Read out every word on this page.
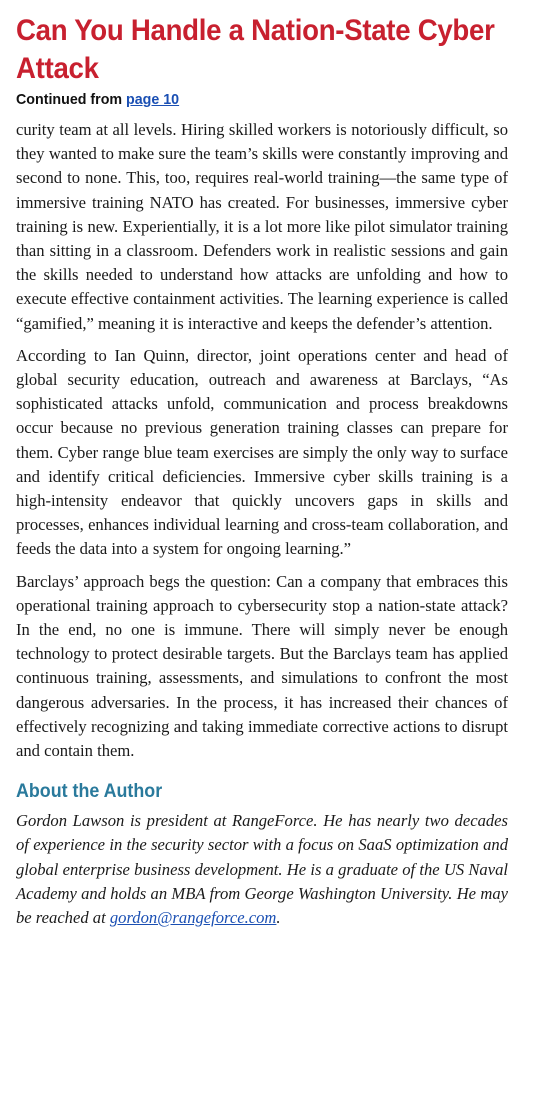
Can You Handle a Nation-State Cyber Attack
Continued from page 10

curity team at all levels. Hiring skilled workers is notoriously difficult, so they wanted to make sure the team’s skills were constantly improving and second to none. This, too, requires real-world training—the same type of immersive training NATO has created. For businesses, immersive cyber training is new. Experientially, it is a lot more like pilot simulator training than sitting in a classroom. Defenders work in realistic sessions and gain the skills needed to understand how attacks are unfolding and how to execute effective containment activities. The learning experience is called “gamified,” meaning it is interactive and keeps the defender’s attention.

According to Ian Quinn, director, joint operations center and head of global security education, outreach and awareness at Barclays, “As sophisticated attacks unfold, communication and process breakdowns occur because no previous generation training classes can prepare for them. Cyber range blue team exercises are simply the only way to surface and identify critical deficiencies. Immersive cyber skills training is a high-intensity endeavor that quickly uncovers gaps in skills and processes, enhances individual learning and cross-team collaboration, and feeds the data into a system for ongoing learning.”

Barclays’ approach begs the question: Can a company that embraces this operational training approach to cybersecurity stop a nation-state attack? In the end, no one is immune. There will simply never be enough technology to protect desirable targets. But the Barclays team has applied continuous training, assessments, and simulations to confront the most dangerous adversaries. In the process, it has increased their chances of effectively recognizing and taking immediate corrective actions to disrupt and contain them.

About the Author

Gordon Lawson is president at RangeForce. He has nearly two decades of experience in the security sector with a focus on SaaS optimization and global enterprise business development. He is a graduate of the US Naval Academy and holds an MBA from George Washington University. He may be reached at gordon@rangeforce.com.
